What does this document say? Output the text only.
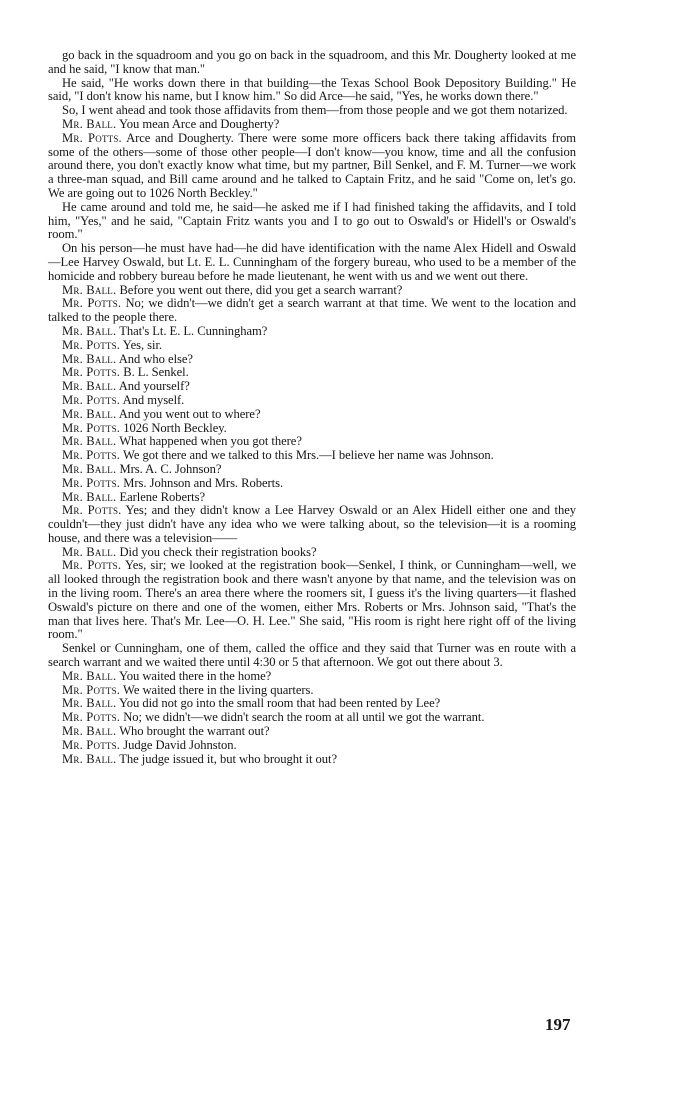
go back in the squadroom and you go on back in the squadroom, and this Mr. Dougherty looked at me and he said, "I know that man."

He said, "He works down there in that building—the Texas School Book Depository Building." He said, "I don't know his name, but I know him." So did Arce—he said, "Yes, he works down there."

So, I went ahead and took those affidavits from them—from those people and we got them notarized.

Mr. Ball. You mean Arce and Dougherty?

Mr. Potts. Arce and Dougherty. There were some more officers back there taking affidavits from some of the others—some of those other people—I don't know—you know, time and all the confusion around there, you don't exactly know what time, but my partner, Bill Senkel, and F. M. Turner—we work a three-man squad, and Bill came around and he talked to Captain Fritz, and he said "Come on, let's go. We are going out to 1026 North Beckley."

He came around and told me, he said—he asked me if I had finished taking the affidavits, and I told him, "Yes," and he said, "Captain Fritz wants you and I to go out to Oswald's or Hidell's or Oswald's room."

On his person—he must have had—he did have identification with the name Alex Hidell and Oswald—Lee Harvey Oswald, but Lt. E. L. Cunningham of the forgery bureau, who used to be a member of the homicide and robbery bureau before he made lieutenant, he went with us and we went out there.

Mr. Ball. Before you went out there, did you get a search warrant?

Mr. Potts. No; we didn't—we didn't get a search warrant at that time. We went to the location and talked to the people there.

Mr. Ball. That's Lt. E. L. Cunningham?

Mr. Potts. Yes, sir.

Mr. Ball. And who else?

Mr. Potts. B. L. Senkel.

Mr. Ball. And yourself?

Mr. Potts. And myself.

Mr. Ball. And you went out to where?

Mr. Potts. 1026 North Beckley.

Mr. Ball. What happened when you got there?

Mr. Potts. We got there and we talked to this Mrs.—I believe her name was Johnson.

Mr. Ball. Mrs. A. C. Johnson?

Mr. Potts. Mrs. Johnson and Mrs. Roberts.

Mr. Ball. Earlene Roberts?

Mr. Potts. Yes; and they didn't know a Lee Harvey Oswald or an Alex Hidell either one and they couldn't—they just didn't have any idea who we were talking about, so the television—it is a rooming house, and there was a television——

Mr. Ball. Did you check their registration books?

Mr. Potts. Yes, sir; we looked at the registration book—Senkel, I think, or Cunningham—well, we all looked through the registration book and there wasn't anyone by that name, and the television was on in the living room. There's an area there where the roomers sit, I guess it's the living quarters—it flashed Oswald's picture on there and one of the women, either Mrs. Roberts or Mrs. Johnson said, "That's the man that lives here. That's Mr. Lee—O. H. Lee." She said, "His room is right here right off of the living room."

Senkel or Cunningham, one of them, called the office and they said that Turner was en route with a search warrant and we waited there until 4:30 or 5 that afternoon. We got out there about 3.

Mr. Ball. You waited there in the home?

Mr. Potts. We waited there in the living quarters.

Mr. Ball. You did not go into the small room that had been rented by Lee?

Mr. Potts. No; we didn't—we didn't search the room at all until we got the warrant.

Mr. Ball. Who brought the warrant out?

Mr. Potts. Judge David Johnston.

Mr. Ball. The judge issued it, but who brought it out?

197
